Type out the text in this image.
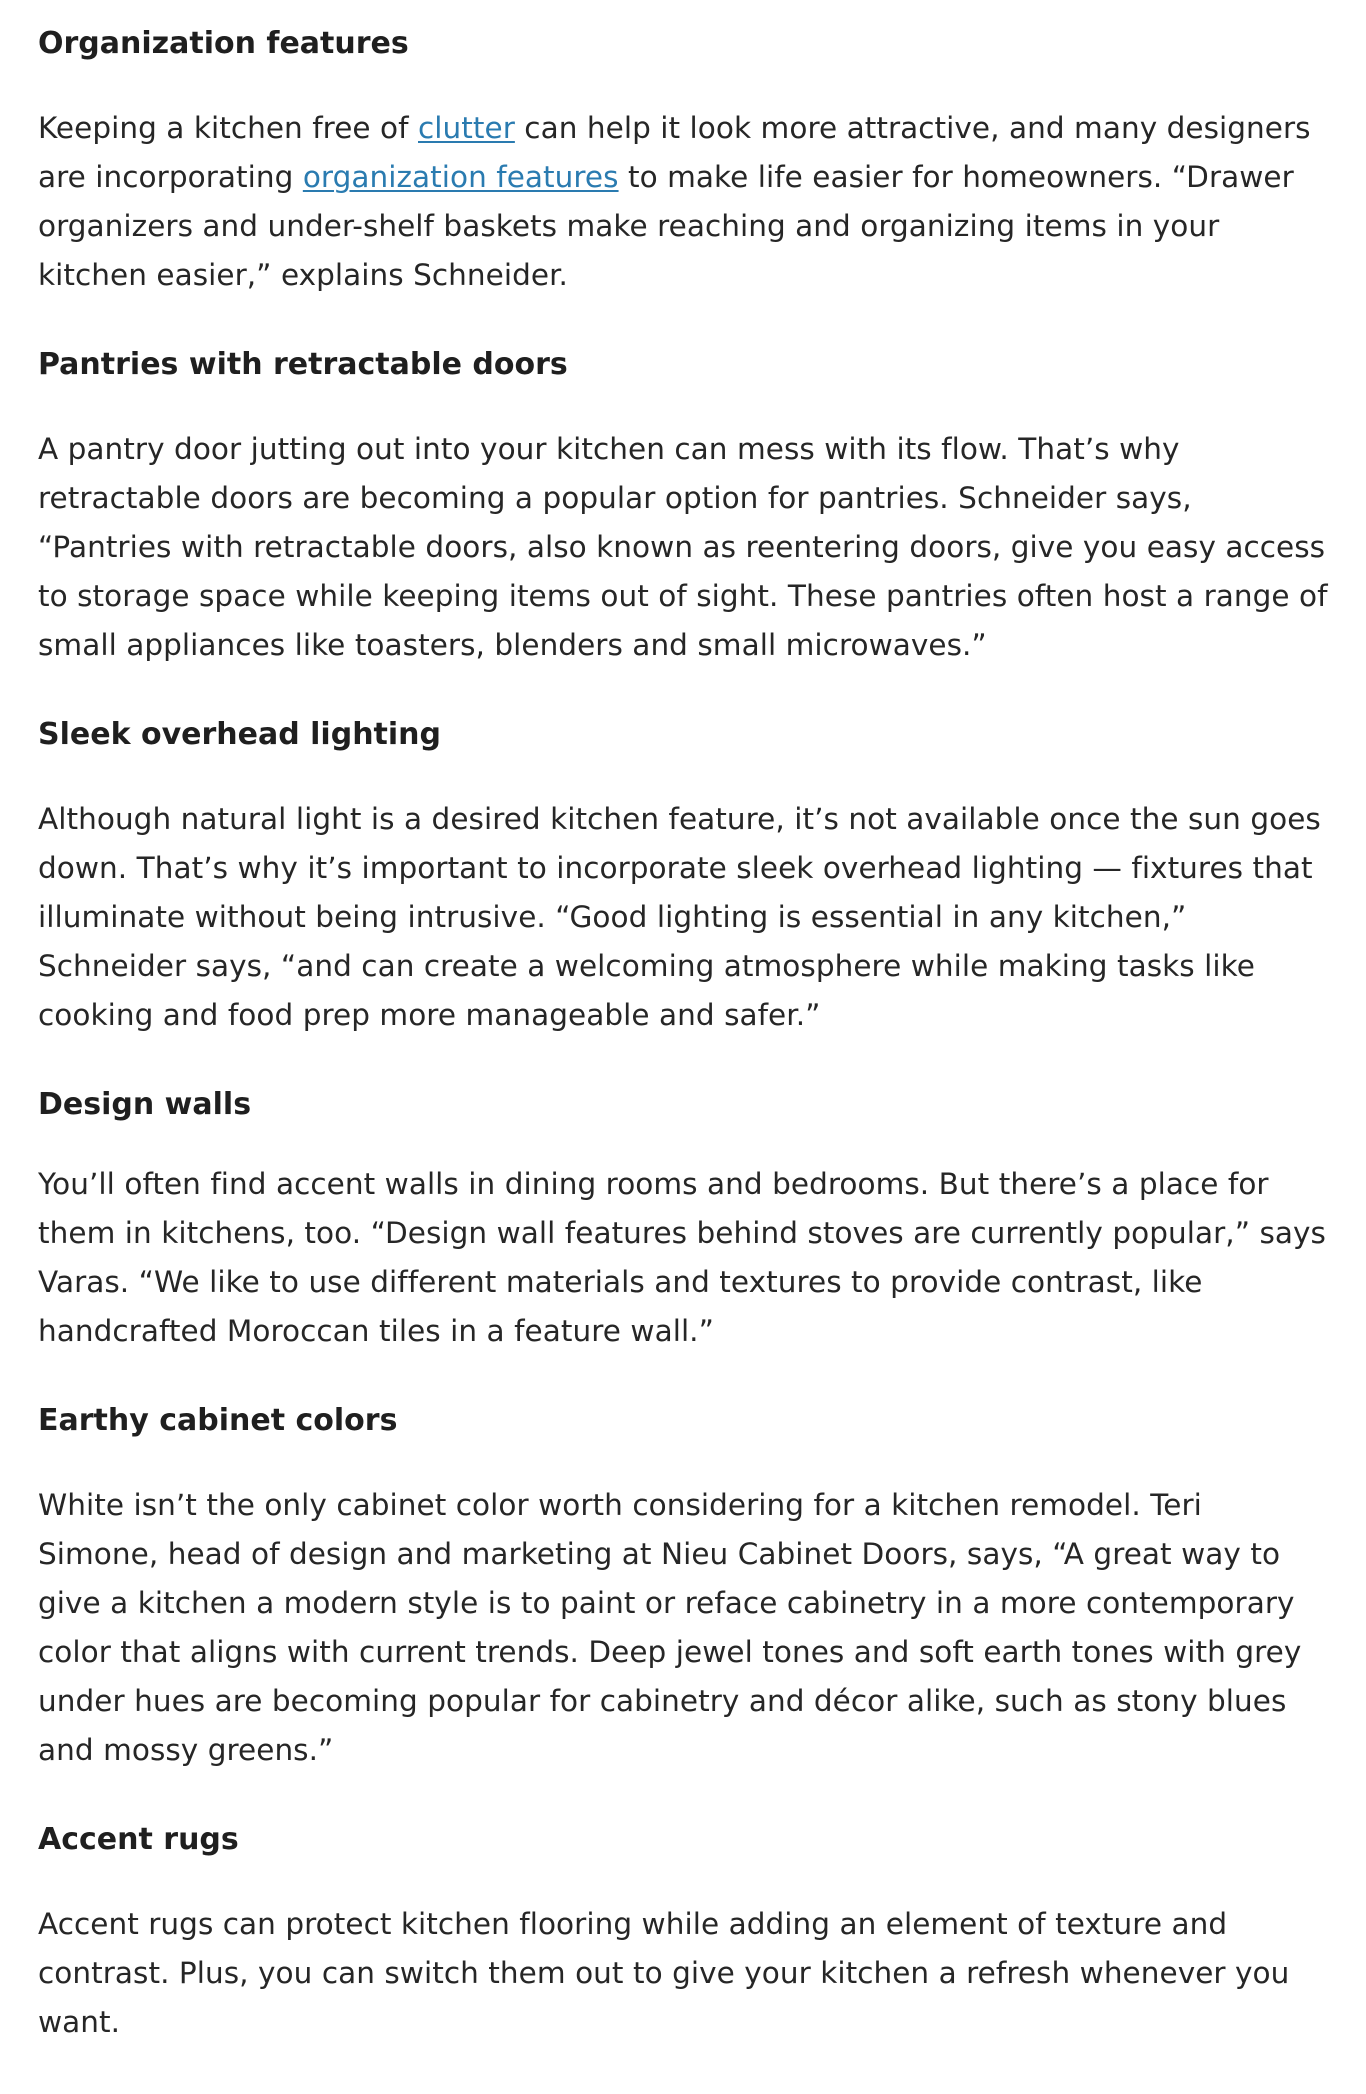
Organization features

Keeping a kitchen free of clutter can help it look more attractive, and many designers
are incorporating organization features to make life easier for homeowners. “Drawer
organizers and under-shelf baskets make reaching and organizing items in your
kitchen easier,” explains Schneider.

Pantries with retractable doors

A pantry door jutting out into your kitchen can mess with its flow. That’s why
retractable doors are becoming a popular option for pantries. Schneider says,
“Pantries with retractable doors, also known as reentering doors, give you easy access
to storage space while keeping items out of sight. These pantries often host a range of
small appliances like toasters, blenders and small microwaves.”

Sleek overhead lighting

Although natural light is a desired kitchen feature, it’s not available once the sun goes
down. That’s why it’s important to incorporate sleek overhead lighting — fixtures that
illuminate without being intrusive. “Good lighting is essential in any kitchen,”
Schneider says, “and can create a welcoming atmosphere while making tasks like
cooking and food prep more manageable and safer.”

Design walls

You’ll often find accent walls in dining rooms and bedrooms. But there’s a place for
them in kitchens, too. “Design wall features behind stoves are currently popular,” says
Varas. “We like to use different materials and textures to provide contrast, like
handcrafted Moroccan tiles in a feature wall.”

Earthy cabinet colors

White isn’t the only cabinet color worth considering for a kitchen remodel. Teri
Simone, head of design and marketing at Nieu Cabinet Doors, says, “A great way to
give a kitchen a modern style is to paint or reface cabinetry in a more contemporary
color that aligns with current trends. Deep jewel tones and soft earth tones with grey
under hues are becoming popular for cabinetry and décor alike, such as stony blues
and mossy greens.”

Accent rugs

Accent rugs can protect kitchen flooring while adding an element of texture and
contrast. Plus, you can switch them out to give your kitchen a refresh whenever you
want.
